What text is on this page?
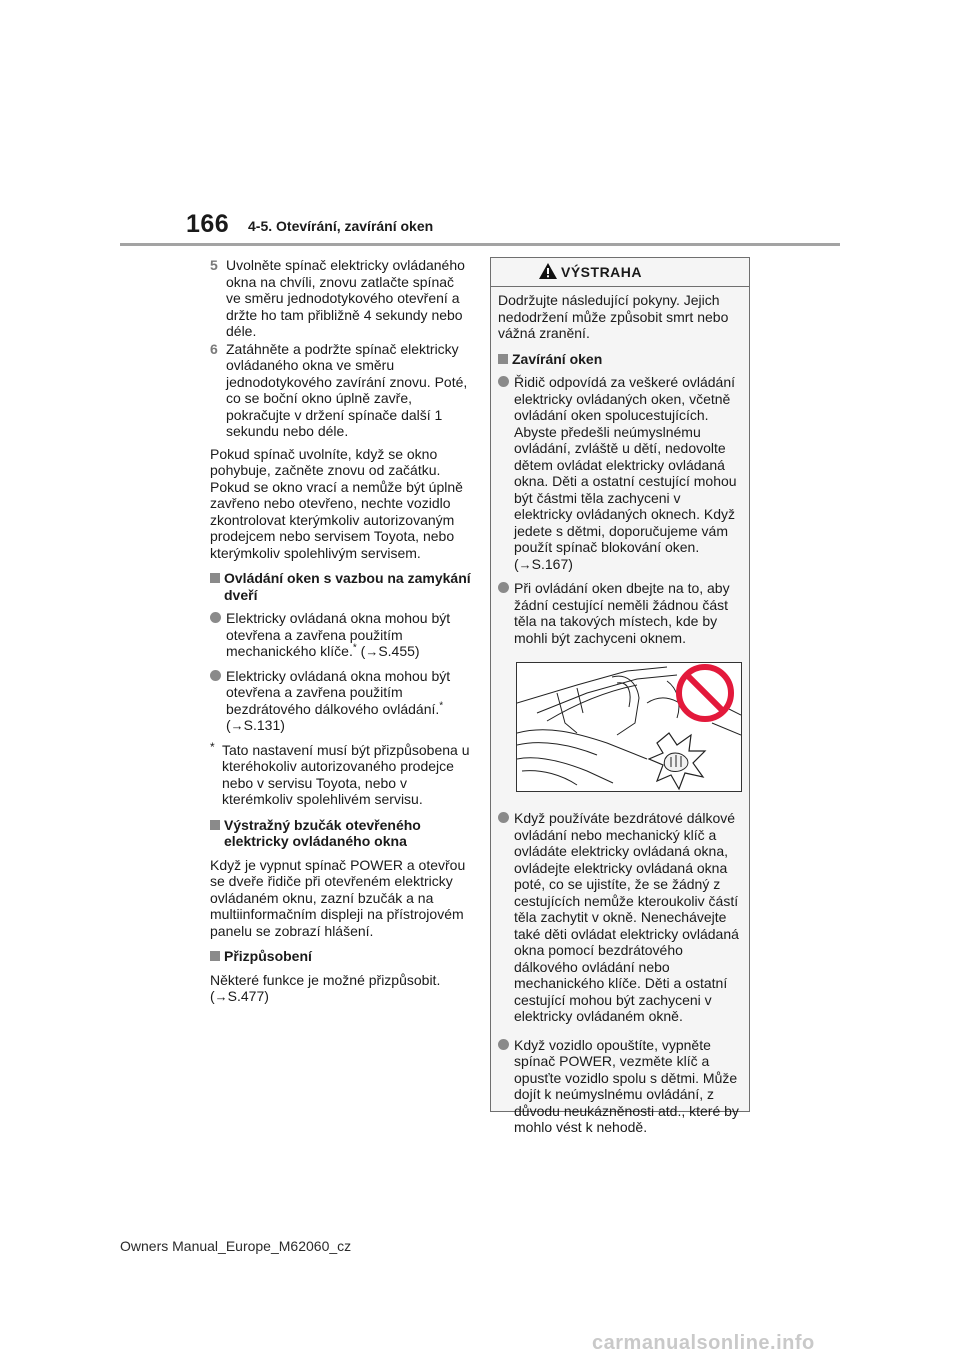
166 4-5. Otevírání, zavírání oken
5 Uvolněte spínač elektricky ovládaného okna na chvíli, znovu zatlačte spínač ve směru jednodotykového otevření a držte ho tam přibližně 4 sekundy nebo déle.
6 Zatáhněte a podržte spínač elektricky ovládaného okna ve směru jednodotykového zavírání znovu. Poté, co se boční okno úplně zavře, pokračujte v držení spínače další 1 sekundu nebo déle.
Pokud spínač uvolníte, když se okno pohybuje, začněte znovu od začátku. Pokud se okno vrací a nemůže být úplně zavřeno nebo otevřeno, nechte vozidlo zkontrolovat kterýmkoliv autorizovaným prodejcem nebo servisem Toyota, nebo kterýmkoliv spolehlivým servisem.
Ovládání oken s vazbou na zamykání dveří
Elektricky ovládaná okna mohou být otevřena a zavřena použitím mechanického klíče.* (→S.455)
Elektricky ovládaná okna mohou být otevřena a zavřena použitím bezdrátového dálkového ovládání.*
(→S.131)
* Tato nastavení musí být přizpůsobena u kteréhokoliv autorizovaného prodejce nebo v servisu Toyota, nebo v kterémkoliv spolehlivém servisu.
Výstražný bzučák otevřeného elektricky ovládaného okna
Když je vypnut spínač POWER a otevřou se dveře řidiče při otevřeném elektricky ovládaném oknu, zazní bzučák a na multiinformačním displeji na přístrojovém panelu se zobrazí hlášení.
Přizpůsobení
Některé funkce je možné přizpůsobit.
(→S.477)
VÝSTRAHA
Dodržujte následující pokyny. Jejich nedodržení může způsobit smrt nebo vážná zranění.
Zavírání oken
Řidič odpovídá za veškeré ovládání elektricky ovládaných oken, včetně ovládání oken spolucestujících. Abyste předešli neúmyslnému ovládání, zvláště u dětí, nedovolte dětem ovládat elektricky ovládaná okna. Děti a ostatní cestující mohou být částmi těla zachyceni v elektricky ovládaných oknech. Když jedete s dětmi, doporučujeme vám použít spínač blokování oken. (→S.167)
Při ovládání oken dbejte na to, aby žádní cestující neměli žádnou část těla na takových místech, kde by mohli být zachyceni oknem.
Když používáte bezdrátové dálkové ovládání nebo mechanický klíč a ovládáte elektricky ovládaná okna, ovládejte elektricky ovládaná okna poté, co se ujistíte, že se žádný z cestujících nemůže kteroukoliv částí těla zachytit v okně. Nenechávejte také děti ovládat elektricky ovládaná okna pomocí bezdrátového dálkového ovládání nebo mechanického klíče. Děti a ostatní cestující mohou být zachyceni v elektricky ovládaném okně.
Když vozidlo opouštíte, vypněte spínač POWER, vezměte klíč a opusťte vozidlo spolu s dětmi. Může dojít k neúmyslnému ovládání, z důvodu neukázněnosti atd., které by mohlo vést k nehodě.
Owners Manual_Europe_M62060_cz
carmanualsonline.info
